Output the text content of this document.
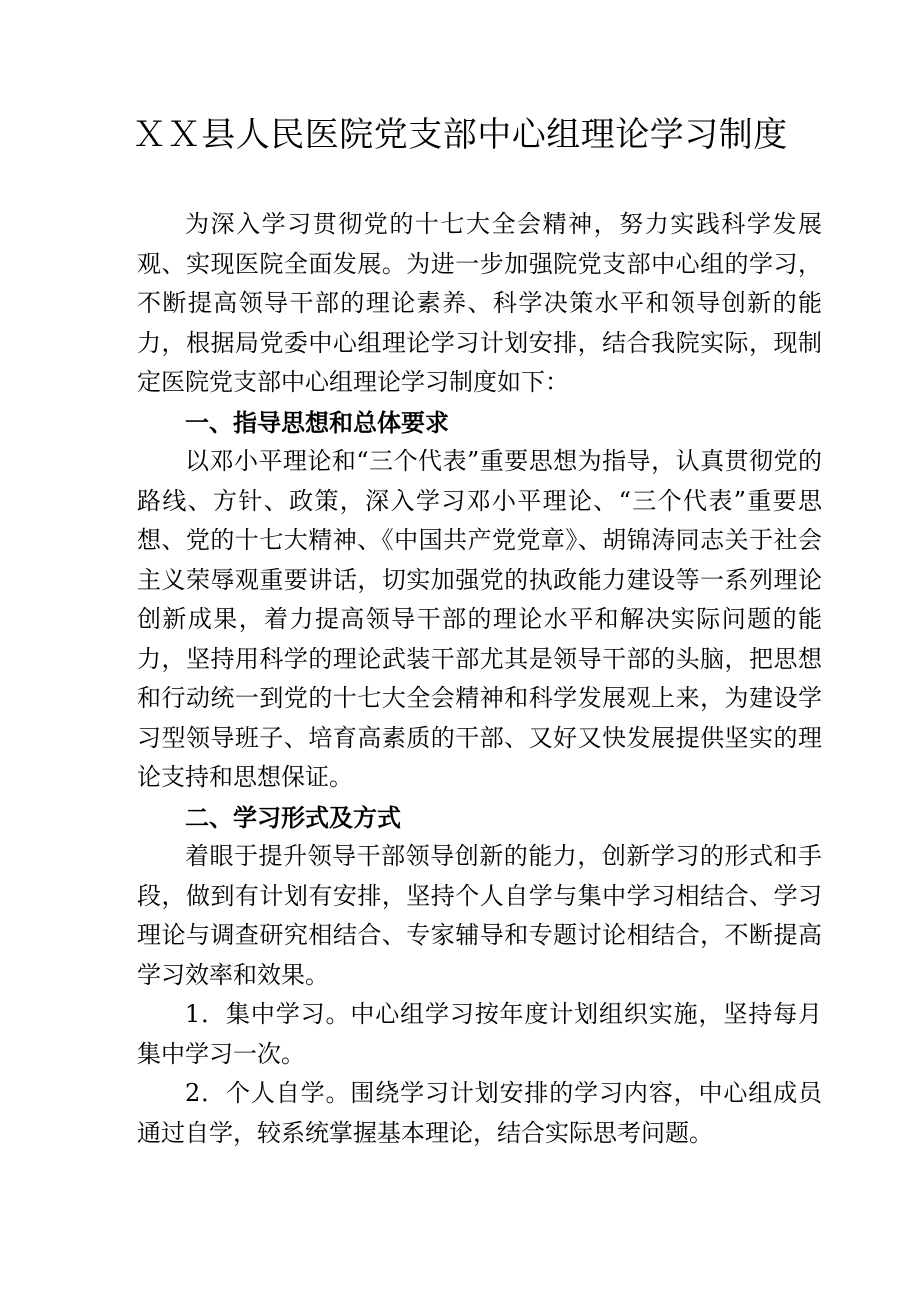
ＸＸ县人民医院党支部中心组理论学习制度

为深入学习贯彻党的十七大全会精神，努力实践科学发展观、实现医院全面发展。为进一步加强院党支部中心组的学习，不断提高领导干部的理论素养、科学决策水平和领导创新的能力，根据局党委中心组理论学习计划安排，结合我院实际，现制定医院党支部中心组理论学习制度如下：

一、指导思想和总体要求

以邓小平理论和“三个代表”重要思想为指导，认真贯彻党的路线、方针、政策，深入学习邓小平理论、“三个代表”重要思想、党的十七大精神、《中国共产党党章》、胡锦涛同志关于社会主义荣辱观重要讲话，切实加强党的执政能力建设等一系列理论创新成果，着力提高领导干部的理论水平和解决实际问题的能力，坚持用科学的理论武装干部尤其是领导干部的头脑，把思想和行动统一到党的十七大全会精神和科学发展观上来，为建设学习型领导班子、培育高素质的干部、又好又快发展提供坚实的理论支持和思想保证。

二、学习形式及方式

着眼于提升领导干部领导创新的能力，创新学习的形式和手段，做到有计划有安排，坚持个人自学与集中学习相结合、学习理论与调查研究相结合、专家辅导和专题讨论相结合，不断提高学习效率和效果。

1．集中学习。中心组学习按年度计划组织实施，坚持每月集中学习一次。

2．个人自学。围绕学习计划安排的学习内容，中心组成员通过自学，较系统掌握基本理论，结合实际思考问题。
